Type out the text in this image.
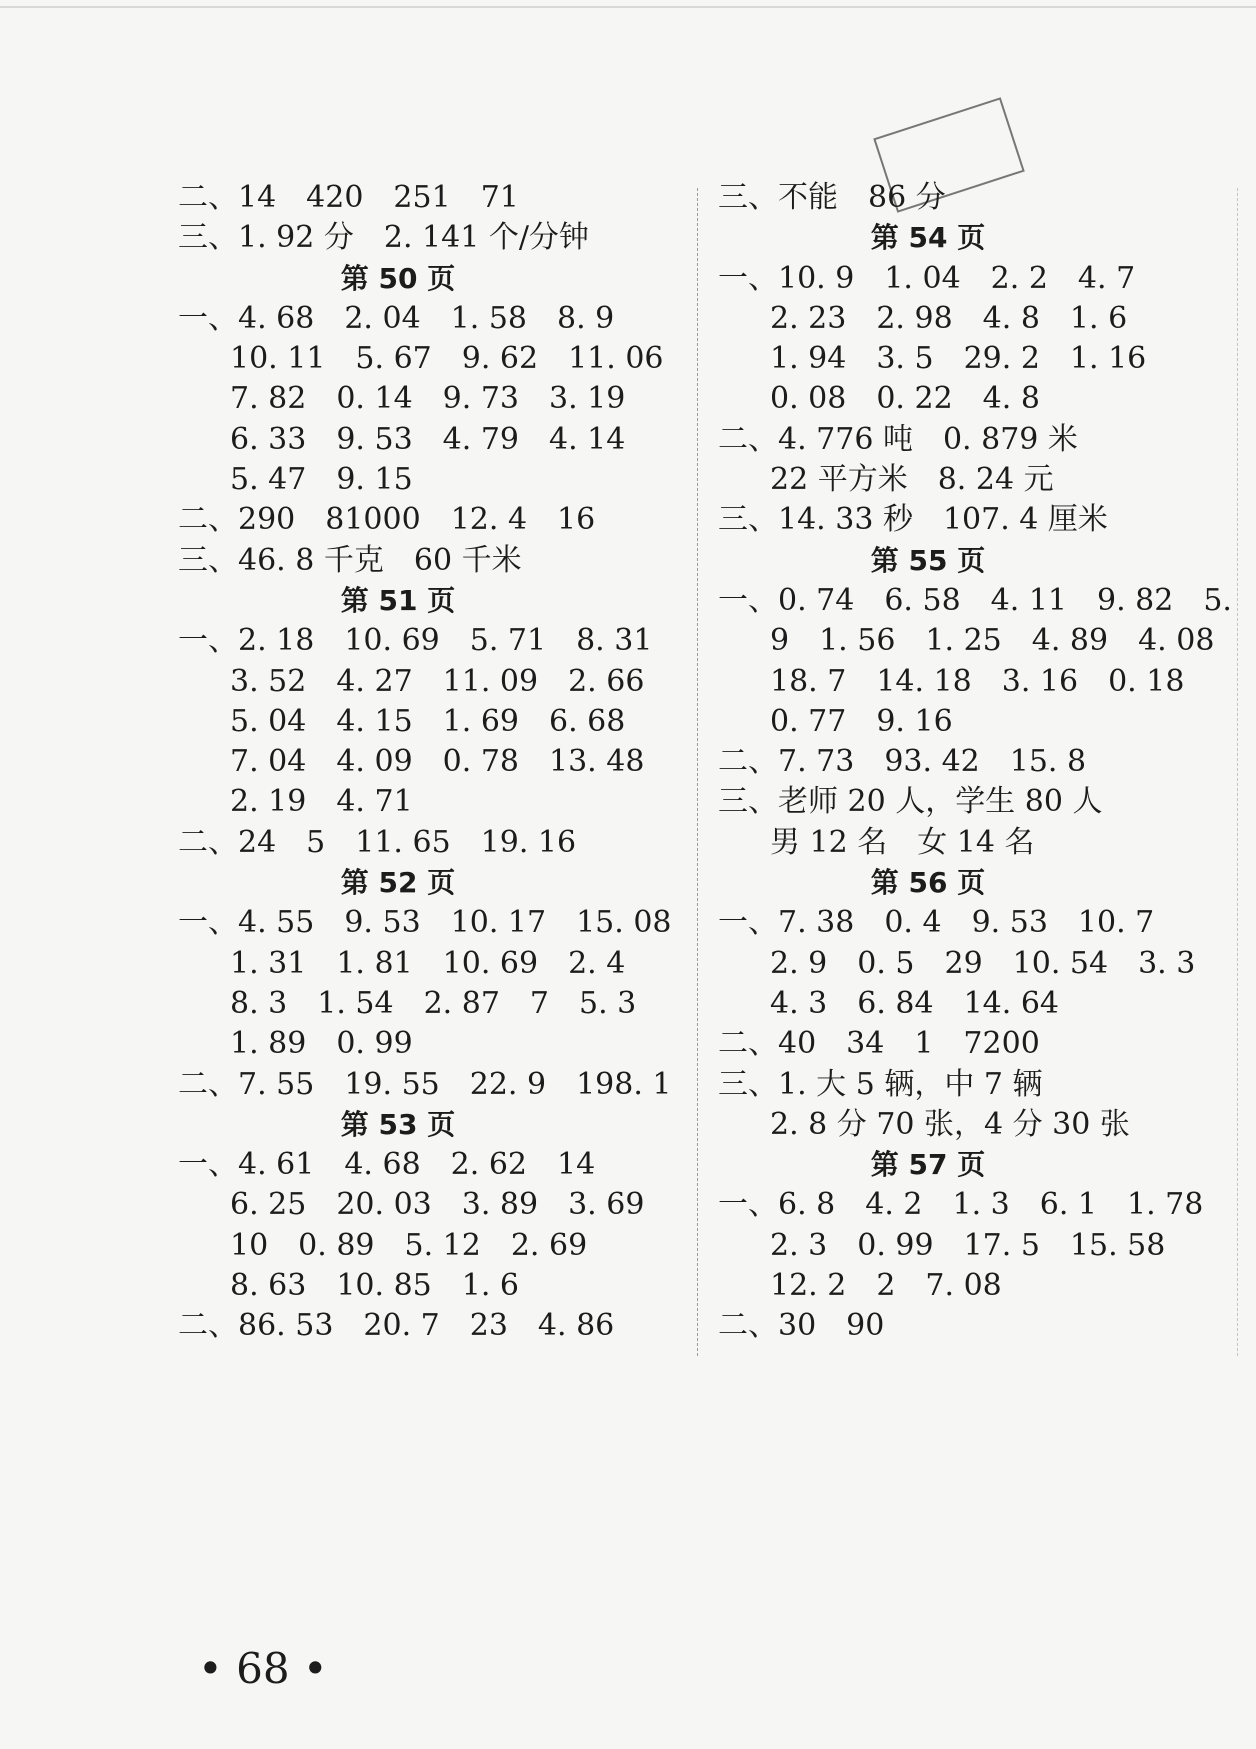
二、14　420　251　71
三、1. 92 分　2. 141 个/分钟
第 50 页
一、4. 68　2. 04　1. 58　8. 9
10. 11　5. 67　9. 62　11. 06
7. 82　0. 14　9. 73　3. 19
6. 33　9. 53　4. 79　4. 14
5. 47　9. 15
二、290　81000　12. 4　16
三、46. 8 千克　60 千米
第 51 页
一、2. 18　10. 69　5. 71　8. 31
3. 52　4. 27　11. 09　2. 66
5. 04　4. 15　1. 69　6. 68
7. 04　4. 09　0. 78　13. 48
2. 19　4. 71
二、24　5　11. 65　19. 16
第 52 页
一、4. 55　9. 53　10. 17　15. 08
1. 31　1. 81　10. 69　2. 4
8. 3　1. 54　2. 87　7　5. 3
1. 89　0. 99
二、7. 55　19. 55　22. 9　198. 1
第 53 页
一、4. 61　4. 68　2. 62　14
6. 25　20. 03　3. 89　3. 69
10　0. 89　5. 12　2. 69
8. 63　10. 85　1. 6
二、86. 53　20. 7　23　4. 86
三、不能　86 分
第 54 页
一、10. 9　1. 04　2. 2　4. 7
2. 23　2. 98　4. 8　1. 6
1. 94　3. 5　29. 2　1. 16
0. 08　0. 22　4. 8
二、4. 776 吨　0. 879 米
22 平方米　8. 24 元
三、14. 33 秒　107. 4 厘米
第 55 页
一、0. 74　6. 58　4. 11　9. 82　5.
9　1. 56　1. 25　4. 89　4. 08
18. 7　14. 18　3. 16　0. 18
0. 77　9. 16
二、7. 73　93. 42　15. 8
三、老师 20 人，学生 80 人
男 12 名　女 14 名
第 56 页
一、7. 38　0. 4　9. 53　10. 7
2. 9　0. 5　29　10. 54　3. 3
4. 3　6. 84　14. 64
二、40　34　1　7200
三、1. 大 5 辆，中 7 辆
2. 8 分 70 张，4 分 30 张
第 57 页
一、6. 8　4. 2　1. 3　6. 1　1. 78
2. 3　0. 99　17. 5　15. 58
12. 2　2　7. 08
二、30　90
• 68 •
